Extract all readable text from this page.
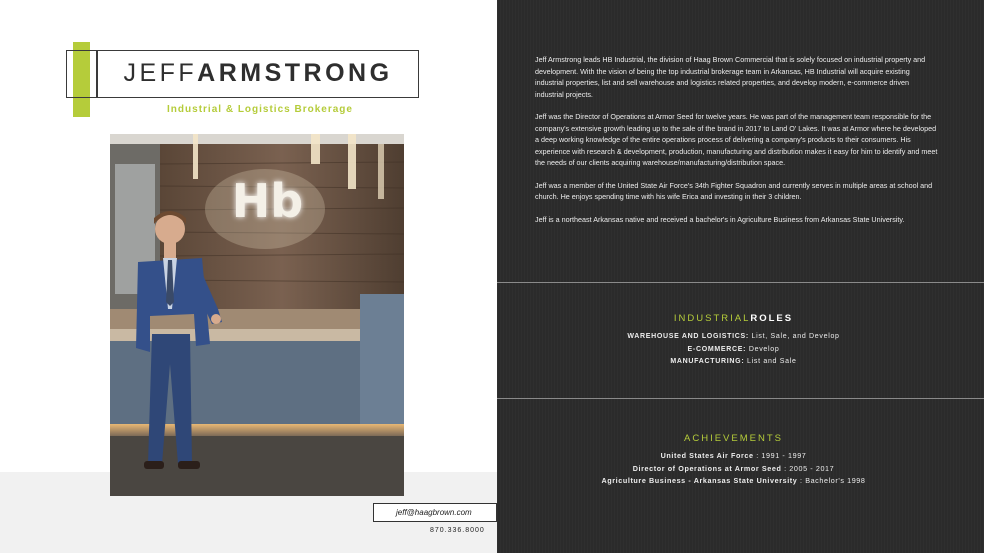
JEFFARMSTRONG
Industrial & Logistics Brokerage
Hb
jeff@haagbrown.com
870.336.8000

Jeff Armstrong leads HB Industrial, the division of Haag Brown Commercial that is solely focused on industrial property and development. With the vision of being the top industrial brokerage team in Arkansas, HB Industrial will acquire existing industrial properties, list and sell warehouse and logistics related properties, and develop modern, e-commerce driven industrial projects.

Jeff was the Director of Operations at Armor Seed for twelve years. He was part of the management team responsible for the company's extensive growth leading up to the sale of the brand in 2017 to Land O' Lakes. It was at Armor where he developed a deep working knowledge of the entire operations process of delivering a company's products to their consumers. His experience with research & development, production, manufacturing and distribution makes it easy for him to identify and meet the needs of our clients acquiring warehouse/manufacturing/distribution space.

Jeff was a member of the United State Air Force's 34th Fighter Squadron and currently serves in multiple areas at school and church. He enjoys spending time with his wife Erica and investing in their 3 children.

Jeff is a northeast Arkansas native and received a bachelor's in Agriculture Business from Arkansas State University.

INDUSTRIALROLES
WAREHOUSE AND LOGISTICS: List, Sale, and Develop
E-COMMERCE: Develop
MANUFACTURING: List and Sale
ACHIEVEMENTS
United States Air Force : 1991 - 1997
Director of Operations at Armor Seed : 2005 - 2017
Agriculture Business - Arkansas State University : Bachelor's 1998
